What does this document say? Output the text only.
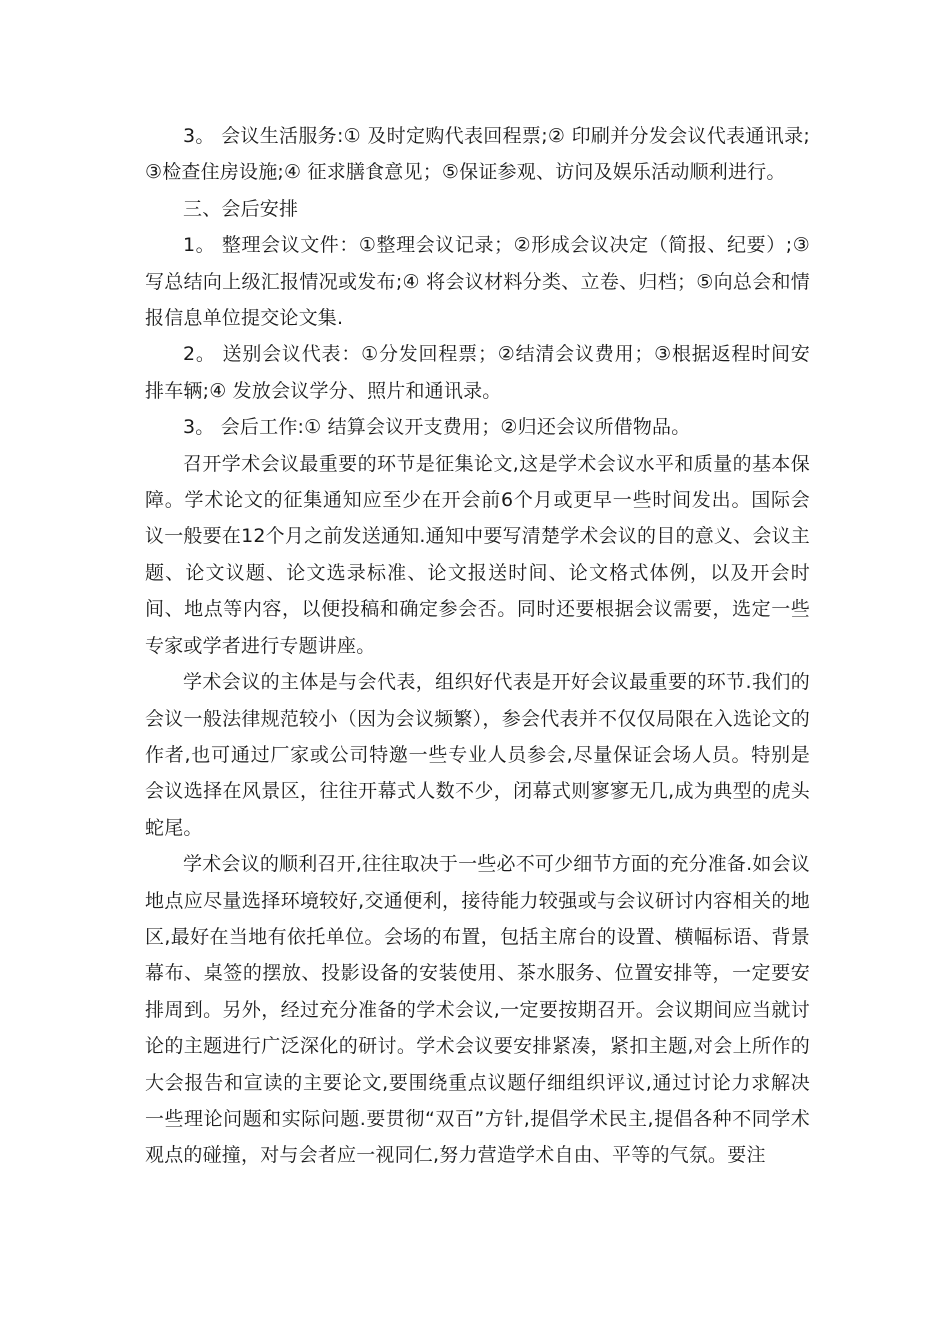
3。 会议生活服务:① 及时定购代表回程票;② 印刷并分发会议代表通讯录;③检查住房设施;④ 征求膳食意见；⑤保证参观、访问及娱乐活动顺利进行。

三、会后安排

1。 整理会议文件：①整理会议记录；②形成会议决定（简报、纪要）;③写总结向上级汇报情况或发布;④ 将会议材料分类、立卷、归档；⑤向总会和情报信息单位提交论文集.

2。 送别会议代表：①分发回程票；②结清会议费用；③根据返程时间安排车辆;④ 发放会议学分、照片和通讯录。

3。 会后工作:① 结算会议开支费用；②归还会议所借物品。

召开学术会议最重要的环节是征集论文,这是学术会议水平和质量的基本保障。学术论文的征集通知应至少在开会前6个月或更早一些时间发出。国际会议一般要在12个月之前发送通知.通知中要写清楚学术会议的目的意义、会议主题、论文议题、论文选录标准、论文报送时间、论文格式体例，以及开会时间、地点等内容，以便投稿和确定参会否。同时还要根据会议需要，选定一些专家或学者进行专题讲座。

学术会议的主体是与会代表，组织好代表是开好会议最重要的环节.我们的会议一般法律规范较小（因为会议频繁），参会代表并不仅仅局限在入选论文的作者,也可通过厂家或公司特邀一些专业人员参会,尽量保证会场人员。特别是会议选择在风景区，往往开幕式人数不少，闭幕式则寥寥无几,成为典型的虎头蛇尾。

学术会议的顺利召开,往往取决于一些必不可少细节方面的充分准备.如会议地点应尽量选择环境较好,交通便利，接待能力较强或与会议研讨内容相关的地区,最好在当地有依托单位。会场的布置，包括主席台的设置、横幅标语、背景幕布、桌签的摆放、投影设备的安装使用、茶水服务、位置安排等，一定要安排周到。另外，经过充分准备的学术会议,一定要按期召开。会议期间应当就讨论的主题进行广泛深化的研讨。学术会议要安排紧凑，紧扣主题,对会上所作的大会报告和宣读的主要论文,要围绕重点议题仔细组织评议,通过讨论力求解决一些理论问题和实际问题.要贯彻“双百”方针,提倡学术民主,提倡各种不同学术观点的碰撞，对与会者应一视同仁,努力营造学术自由、平等的气氛。要注
